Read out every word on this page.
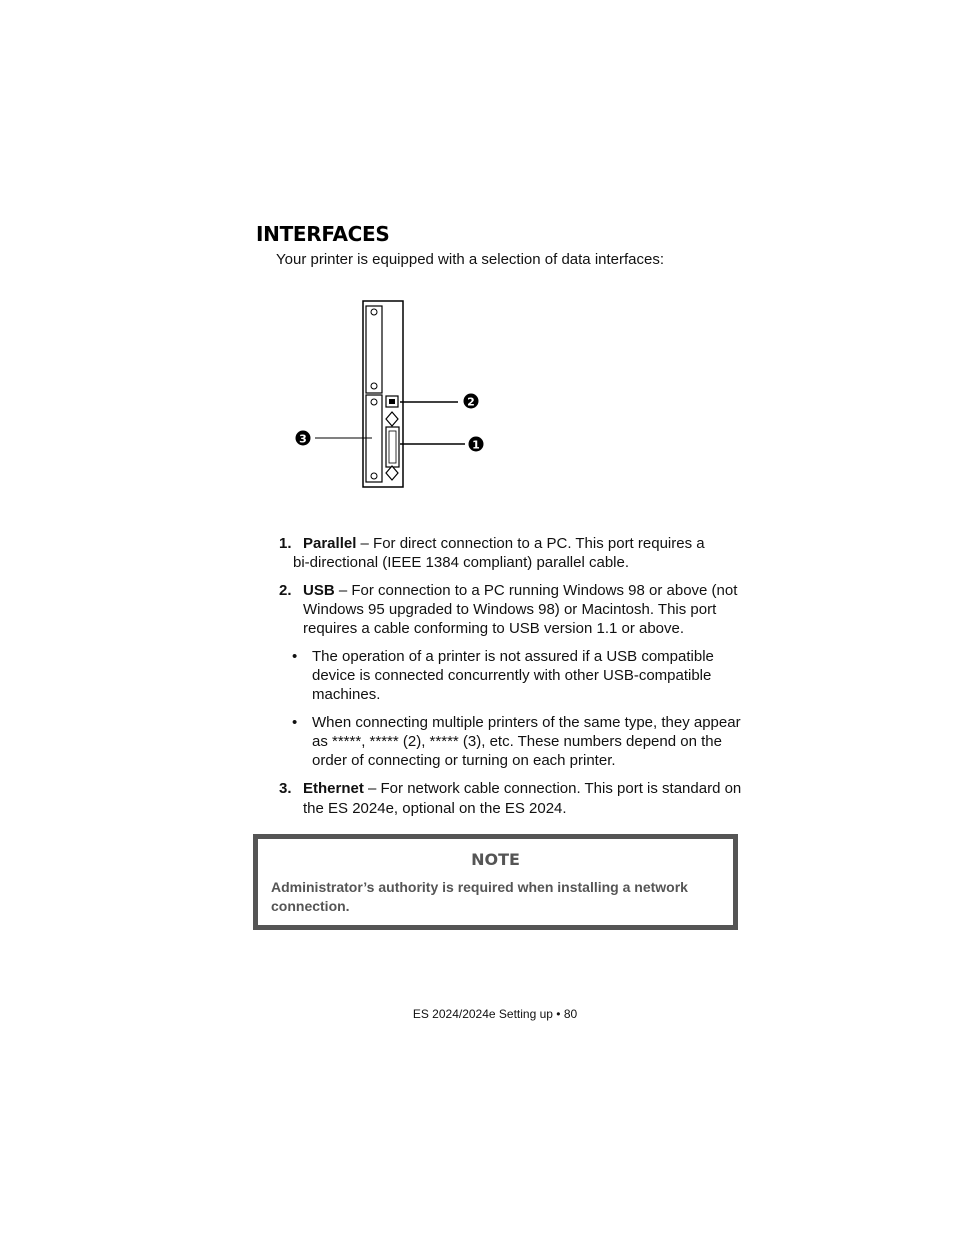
INTERFACES
Your printer is equipped with a selection of data interfaces:
2
1
3
1. Parallel – For direct connection to a PC. This port requires a
bi-directional (IEEE 1384 compliant) parallel cable.
2. USB – For connection to a PC running Windows 98 or above (not Windows 95 upgraded to Windows 98) or Macintosh. This port requires a cable conforming to USB version 1.1 or above.
• The operation of a printer is not assured if a USB compatible device is connected concurrently with other USB-compatible machines.
• When connecting multiple printers of the same type, they appear as *****, ***** (2), ***** (3), etc. These numbers depend on the order of connecting or turning on each printer.
3. Ethernet – For network cable connection. This port is standard on the ES 2024e, optional on the ES 2024.
NOTE
Administrator’s authority is required when installing a network connection.
ES 2024/2024e Setting up • 80
